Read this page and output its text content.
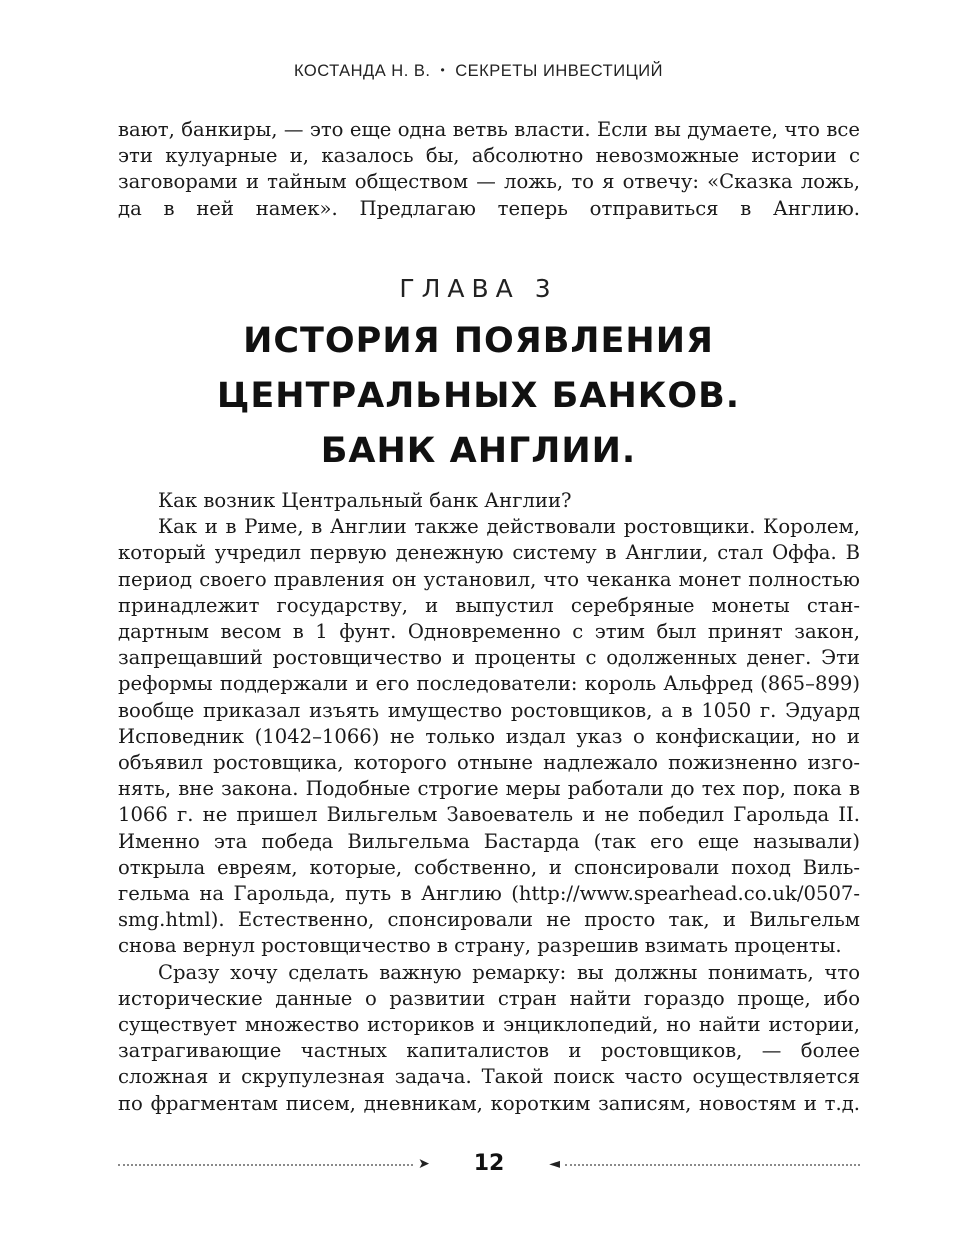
КОСТАНДА Н. В. • СЕКРЕТЫ ИНВЕСТИЦИЙ

вают, банкиры, — это еще одна ветвь власти. Если вы думаете, что все эти кулуарные и, казалось бы, абсолютно невозможные истории с заговорами и тайным обществом — ложь, то я отвечу: «Сказка ложь, да в ней намек». Предлагаю теперь отправиться в Англию.

ГЛАВА 3
ИСТОРИЯ ПОЯВЛЕНИЯ
ЦЕНТРАЛЬНЫХ БАНКОВ.
БАНК АНГЛИИ.

Как возник Центральный банк Англии?

Как и в Риме, в Англии также действовали ростовщики. Королем, который учредил первую денежную систему в Англии, стал Оффа. В период своего правления он установил, что чеканка монет полностью принадлежит государству, и выпустил серебряные монеты стандартным весом в 1 фунт. Одновременно с этим был принят закон, запрещавший ростовщичество и проценты с одолженных денег. Эти реформы поддержали и его последователи: король Альфред (865–899) вообще приказал изъять имущество ростовщиков, а в 1050 г. Эдуард Исповедник (1042–1066) не только издал указ о конфискации, но и объявил ростовщика, которого отныне надлежало пожизненно изгонять, вне закона. Подобные строгие меры работали до тех пор, пока в 1066 г. не пришел Вильгельм Завоеватель и не победил Гарольда II. Именно эта победа Вильгельма Бастарда (так его еще называли) открыла евреям, которые, собственно, и спонсировали поход Вильгельма на Гарольда, путь в Англию (http://www.spearhead.co.uk/0507-smg.html). Естественно, спонсировали не просто так, и Вильгельм снова вернул ростовщичество в страну, разрешив взимать проценты.

Сразу хочу сделать важную ремарку: вы должны понимать, что исторические данные о развитии стран найти гораздо проще, ибо существует множество историков и энциклопедий, но найти истории, затрагивающие частных капиталистов и ростовщиков, — более сложная и скрупулезная задача. Такой поиск часто осуществляется по фрагментам писем, дневникам, коротким записям, новостям и т.д.

➤	12	◄
